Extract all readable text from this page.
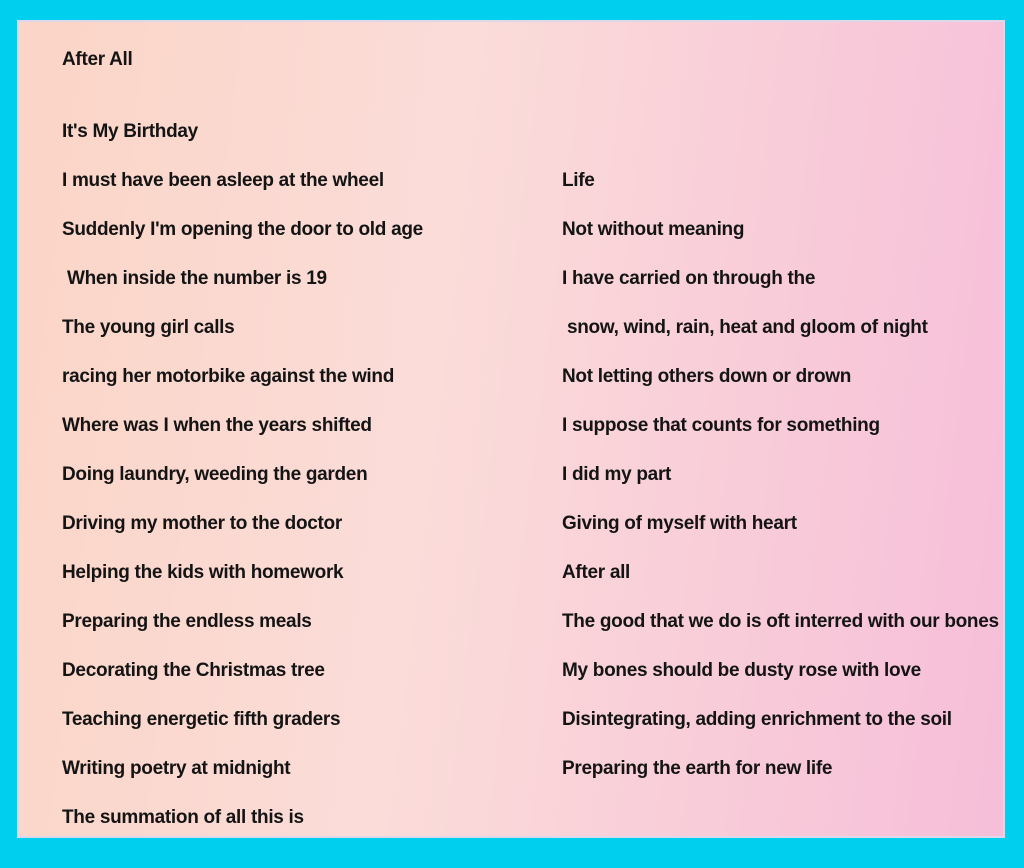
After All

It's My Birthday

I must have been asleep at the wheel

Suddenly I'm opening the door to old age

When inside the number is 19

The young girl calls

racing her motorbike against the wind

Where was I when the years shifted

Doing laundry, weeding the garden

Driving my mother to the doctor

Helping the kids with homework

Preparing the endless meals

Decorating the Christmas tree

Teaching energetic fifth graders

Writing poetry at midnight

The summation of all this is

Life

Not without meaning

I have carried on through the

snow, wind, rain, heat and gloom of night

Not letting others down or drown

I suppose that counts for something

I did my part

Giving of myself with heart

After all

The good that we do is oft interred with our bones

My bones should be dusty rose with love

Disintegrating, adding enrichment to the soil

Preparing the earth for new life
